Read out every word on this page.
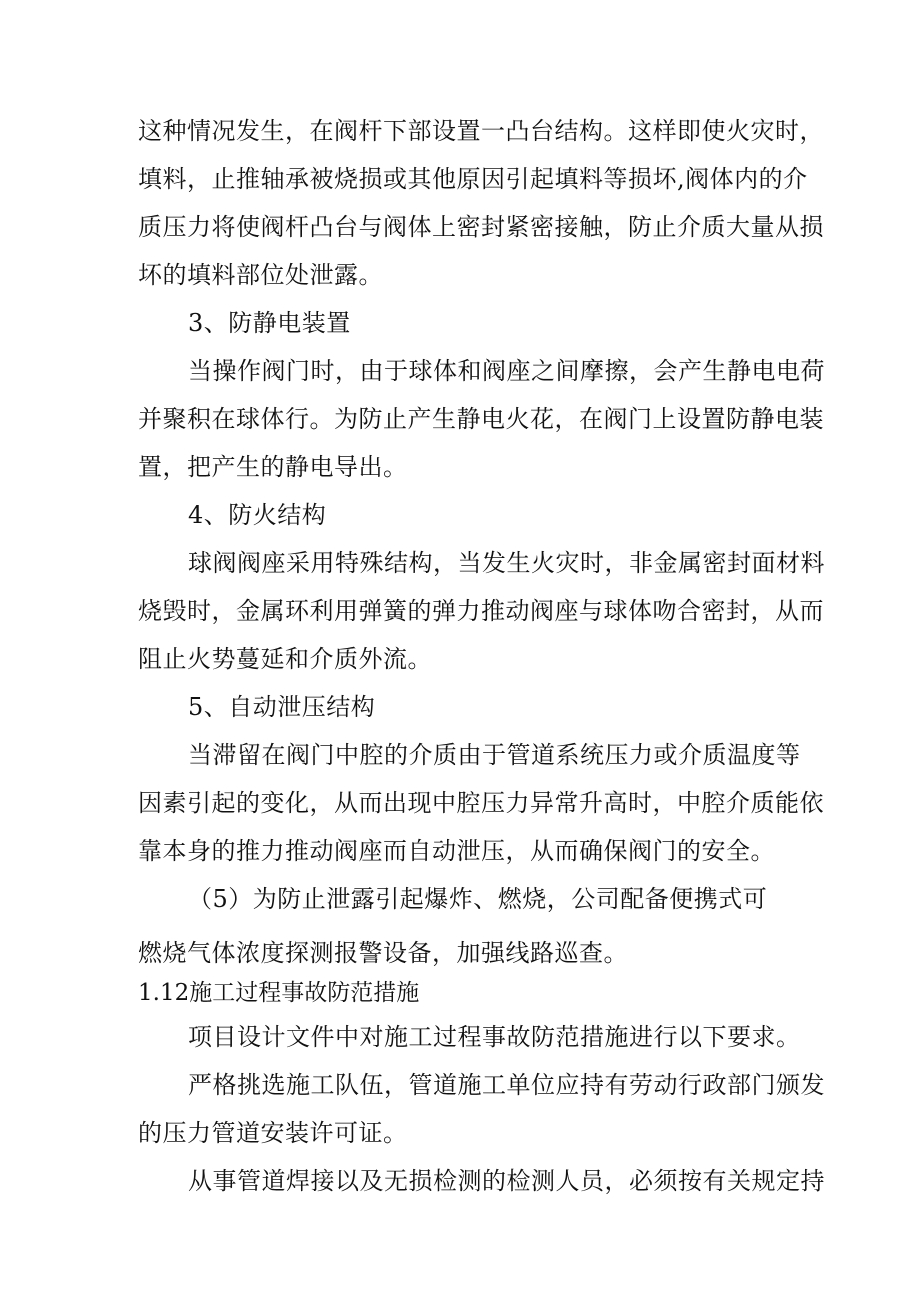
这种情况发生，在阀杆下部设置一凸台结构。这样即使火灾时，

填料，止推轴承被烧损或其他原因引起填料等损坏,阀体内的介

质压力将使阀杆凸台与阀体上密封紧密接触，防止介质大量从损

坏的填料部位处泄露。

3、防静电装置

当操作阀门时，由于球体和阀座之间摩擦，会产生静电电荷

并聚积在球体行。为防止产生静电火花，在阀门上设置防静电装

置，把产生的静电导出。

4、防火结构

球阀阀座采用特殊结构，当发生火灾时，非金属密封面材料

烧毁时，金属环利用弹簧的弹力推动阀座与球体吻合密封，从而

阻止火势蔓延和介质外流。

5、自动泄压结构

当滞留在阀门中腔的介质由于管道系统压力或介质温度等

因素引起的变化，从而出现中腔压力异常升高时，中腔介质能依

靠本身的推力推动阀座而自动泄压，从而确保阀门的安全。

（5）为防止泄露引起爆炸、燃烧，公司配备便携式可

燃烧气体浓度探测报警设备，加强线路巡查。

1.12施工过程事故防范措施

项目设计文件中对施工过程事故防范措施进行以下要求。

严格挑选施工队伍，管道施工单位应持有劳动行政部门颁发

的压力管道安装许可证。

从事管道焊接以及无损检测的检测人员，必须按有关规定持
